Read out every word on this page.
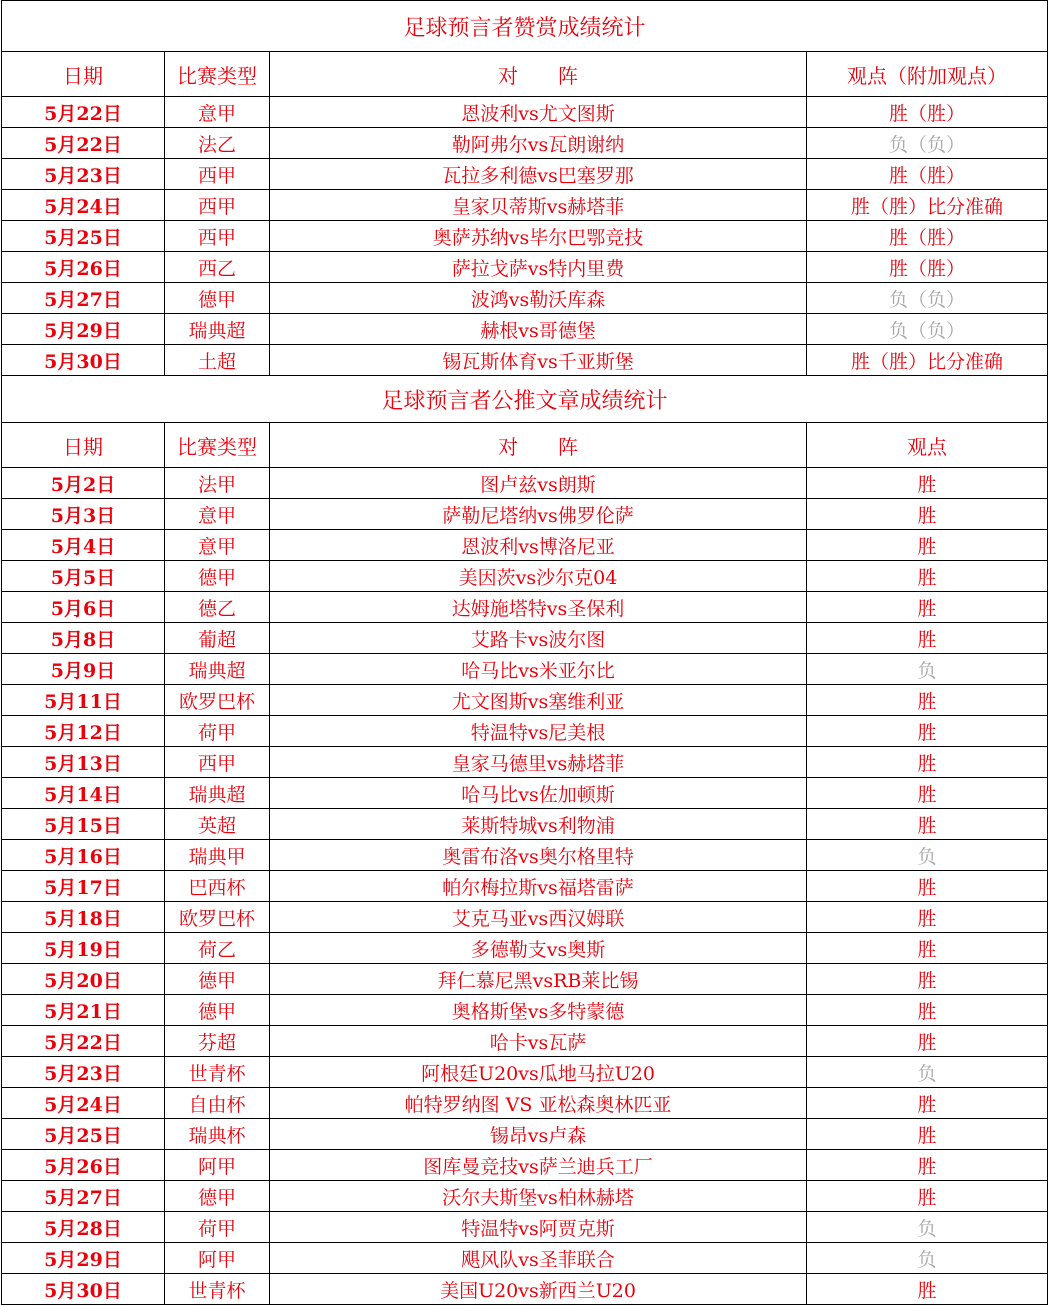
足球预言者赞赏成绩统计			
日期	比赛类型	对　　阵	观点（附加观点）
5月22日	意甲	恩波利vs尤文图斯	胜（胜）
5月22日	法乙	勒阿弗尔vs瓦朗谢纳	负（负）
5月23日	西甲	瓦拉多利德vs巴塞罗那	胜（胜）
5月24日	西甲	皇家贝蒂斯vs赫塔菲	胜（胜）比分准确
5月25日	西甲	奥萨苏纳vs毕尔巴鄂竞技	胜（胜）
5月26日	西乙	萨拉戈萨vs特内里费	胜（胜）
5月27日	德甲	波鸿vs勒沃库森	负（负）
5月29日	瑞典超	赫根vs哥德堡	负（负）
5月30日	土超	锡瓦斯体育vs千亚斯堡	胜（胜）比分准确
足球预言者公推文章成绩统计			
日期	比赛类型	对　　阵	观点
5月2日	法甲	图卢兹vs朗斯	胜
5月3日	意甲	萨勒尼塔纳vs佛罗伦萨	胜
5月4日	意甲	恩波利vs博洛尼亚	胜
5月5日	德甲	美因茨vs沙尔克04	胜
5月6日	德乙	达姆施塔特vs圣保利	胜
5月8日	葡超	艾路卡vs波尔图	胜
5月9日	瑞典超	哈马比vs米亚尔比	负
5月11日	欧罗巴杯	尤文图斯vs塞维利亚	胜
5月12日	荷甲	特温特vs尼美根	胜
5月13日	西甲	皇家马德里vs赫塔菲	胜
5月14日	瑞典超	哈马比vs佐加顿斯	胜
5月15日	英超	莱斯特城vs利物浦	胜
5月16日	瑞典甲	奥雷布洛vs奥尔格里特	负
5月17日	巴西杯	帕尔梅拉斯vs福塔雷萨	胜
5月18日	欧罗巴杯	艾克马亚vs西汉姆联	胜
5月19日	荷乙	多德勒支vs奥斯	胜
5月20日	德甲	拜仁慕尼黑vsRB莱比锡	胜
5月21日	德甲	奥格斯堡vs多特蒙德	胜
5月22日	芬超	哈卡vs瓦萨	胜
5月23日	世青杯	阿根廷U20vs瓜地马拉U20	负
5月24日	自由杯	帕特罗纳图 VS 亚松森奥林匹亚	胜
5月25日	瑞典杯	锡昂vs卢森	胜
5月26日	阿甲	图库曼竞技vs萨兰迪兵工厂	胜
5月27日	德甲	沃尔夫斯堡vs柏林赫塔	胜
5月28日	荷甲	特温特vs阿贾克斯	负
5月29日	阿甲	飓风队vs圣菲联合	负
5月30日	世青杯	美国U20vs新西兰U20	胜
